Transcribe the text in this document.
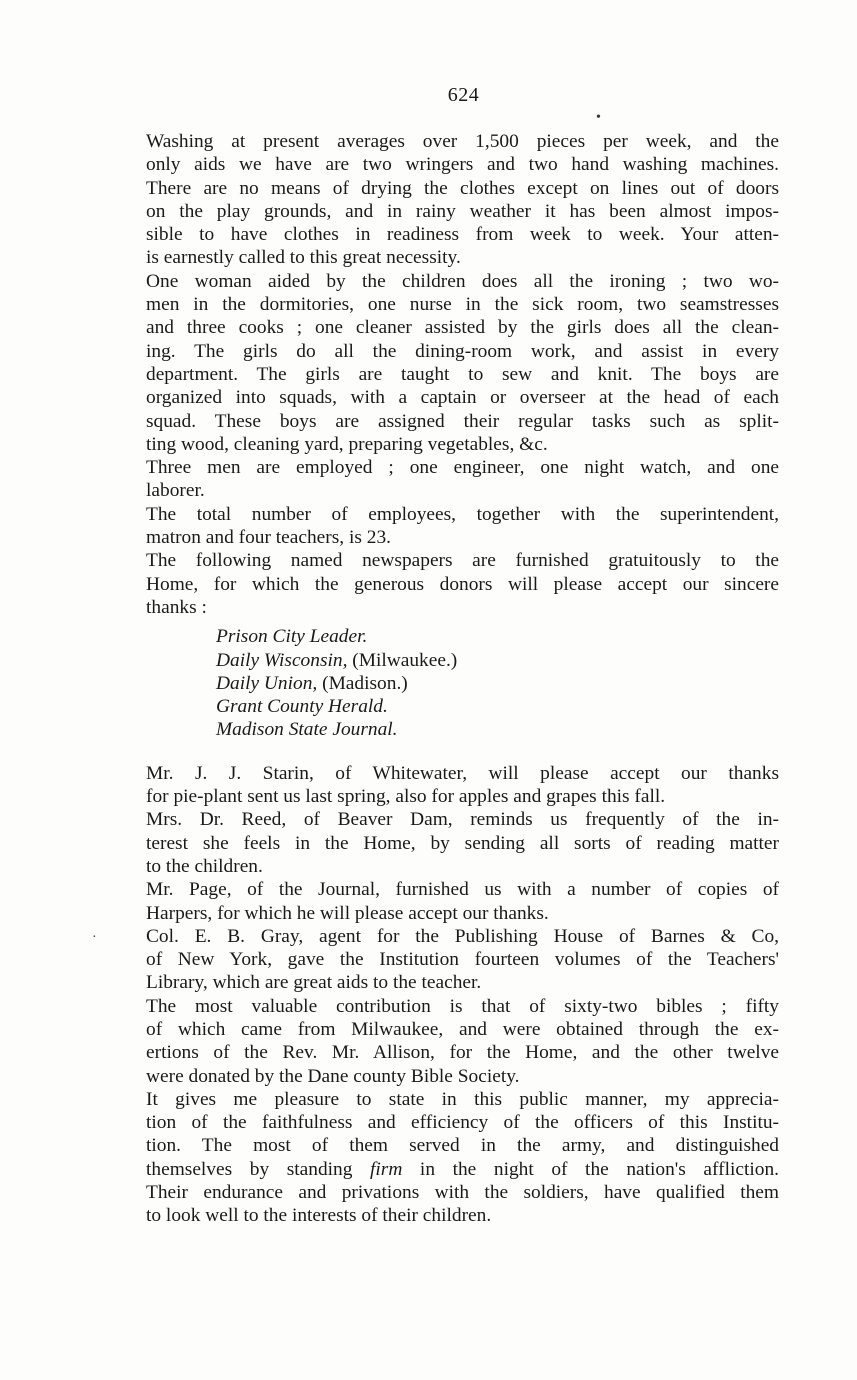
624

Washing at present averages over 1,500 pieces per week, and the
only aids we have are two wringers and two hand washing machines.
There are no means of drying the clothes except on lines out of doors
on the play grounds, and in rainy weather it has been almost impos-
sible to have clothes in readiness from week to week. Your atten-
is earnestly called to this great necessity.

One woman aided by the children does all the ironing ; two wo-
men in the dormitories, one nurse in the sick room, two seamstresses
and three cooks ; one cleaner assisted by the girls does all the clean-
ing. The girls do all the dining-room work, and assist in every
department. The girls are taught to sew and knit. The boys are
organized into squads, with a captain or overseer at the head of each
squad. These boys are assigned their regular tasks such as split-
ting wood, cleaning yard, preparing vegetables, &c.

Three men are employed ; one engineer, one night watch, and one
laborer.

The total number of employees, together with the superintendent,
matron and four teachers, is 23.

The following named newspapers are furnished gratuitously to the
Home, for which the generous donors will please accept our sincere
thanks :

Prison City Leader.
Daily Wisconsin, (Milwaukee.)
Daily Union, (Madison.)
Grant County Herald.
Madison State Journal.

Mr. J. J. Starin, of Whitewater, will please accept our thanks
for pie-plant sent us last spring, also for apples and grapes this fall.

Mrs. Dr. Reed, of Beaver Dam, reminds us frequently of the in-
terest she feels in the Home, by sending all sorts of reading matter
to the children.

Mr. Page, of the Journal, furnished us with a number of copies of
Harpers, for which he will please accept our thanks.

Col. E. B. Gray, agent for the Publishing House of Barnes & Co,
of New York, gave the Institution fourteen volumes of the Teachers'
Library, which are great aids to the teacher.

The most valuable contribution is that of sixty-two bibles ; fifty
of which came from Milwaukee, and were obtained through the ex-
ertions of the Rev. Mr. Allison, for the Home, and the other twelve
were donated by the Dane county Bible Society.

It gives me pleasure to state in this public manner, my apprecia-
tion of the faithfulness and efficiency of the officers of this Institu-
tion. The most of them served in the army, and distinguished
themselves by standing firm in the night of the nation's affliction.
Their endurance and privations with the soldiers, have qualified them
to look well to the interests of their children.

•
·
